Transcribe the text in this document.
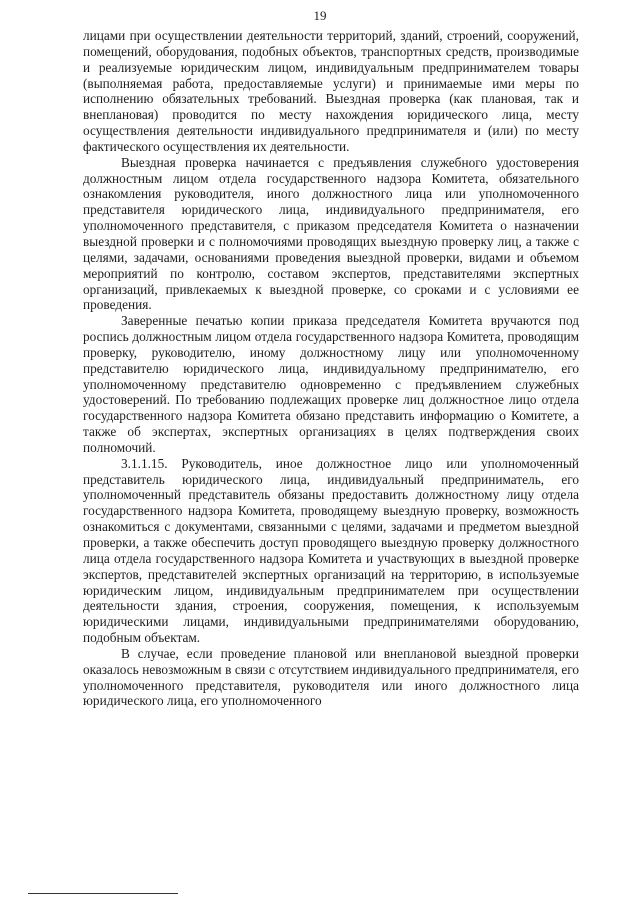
19

лицами при осуществлении деятельности территорий, зданий, строений, сооружений, помещений, оборудования, подобных объектов, транспортных средств, производимые и реализуемые юридическим лицом, индивидуальным предпринимателем товары (выполняемая работа, предоставляемые услуги) и принимаемые ими меры по исполнению обязательных требований. Выездная проверка (как плановая, так и внеплановая) проводится по месту нахождения юридического лица, месту осуществления деятельности индивидуального предпринимателя и (или) по месту фактического осуществления их деятельности.

Выездная проверка начинается с предъявления служебного удостоверения должностным лицом отдела государственного надзора Комитета, обязательного ознакомления руководителя, иного должностного лица или уполномоченного представителя юридического лица, индивидуального предпринимателя, его уполномоченного представителя, с приказом председателя Комитета о назначении выездной проверки и с полномочиями проводящих выездную проверку лиц, а также с целями, задачами, основаниями проведения выездной проверки, видами и объемом мероприятий по контролю, составом экспертов, представителями экспертных организаций, привлекаемых к выездной проверке, со сроками и с условиями ее проведения.

Заверенные печатью копии приказа председателя Комитета вручаются под роспись должностным лицом отдела государственного надзора Комитета, проводящим проверку, руководителю, иному должностному лицу или уполномоченному представителю юридического лица, индивидуальному предпринимателю, его уполномоченному представителю одновременно с предъявлением служебных удостоверений. По требованию подлежащих проверке лиц должностное лицо отдела государственного надзора Комитета обязано представить информацию о Комитете, а также об экспертах, экспертных организациях в целях подтверждения своих полномочий.

3.1.1.15. Руководитель, иное должностное лицо или уполномоченный представитель юридического лица, индивидуальный предприниматель, его уполномоченный представитель обязаны предоставить должностному лицу отдела государственного надзора Комитета, проводящему выездную проверку, возможность ознакомиться с документами, связанными с целями, задачами и предметом выездной проверки, а также обеспечить доступ проводящего выездную проверку должностного лица отдела государственного надзора Комитета и участвующих в выездной проверке экспертов, представителей экспертных организаций на территорию, в используемые юридическим лицом, индивидуальным предпринимателем при осуществлении деятельности здания, строения, сооружения, помещения, к используемым юридическими лицами, индивидуальными предпринимателями оборудованию, подобным объектам.

В случае, если проведение плановой или внеплановой выездной проверки оказалось невозможным в связи с отсутствием индивидуального предпринимателя, его уполномоченного представителя, руководителя или иного должностного лица юридического лица, его уполномоченного
